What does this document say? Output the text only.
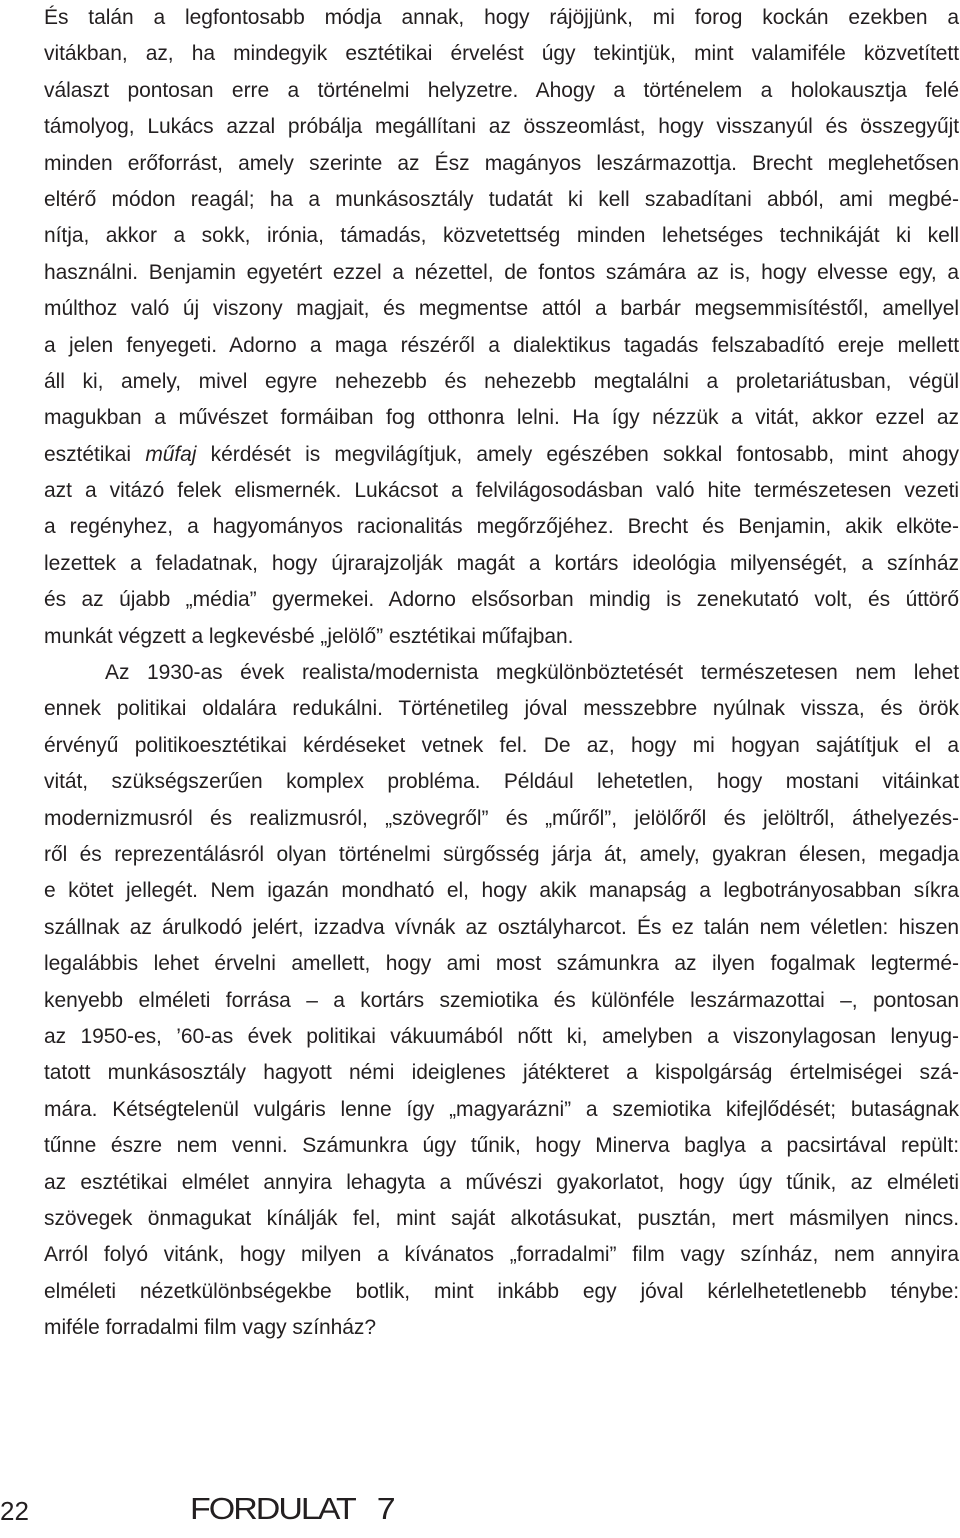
És talán a legfontosabb módja annak, hogy rájöjjünk, mi forog kockán ezekben a
vitákban, az, ha mindegyik esztétikai érvelést úgy tekintjük, mint valamiféle közvetített
választ pontosan erre a történelmi helyzetre. Ahogy a történelem a holokausztja felé
támolyog, Lukács azzal próbálja megállítani az összeomlást, hogy visszanyúl és összegyűjt
minden erőforrást, amely szerinte az Ész magányos leszármazottja. Brecht meglehetősen
eltérő módon reagál; ha a munkásosztály tudatát ki kell szabadítani abból, ami megbé-
nítja, akkor a sokk, irónia, támadás, közvetettség minden lehetséges technikáját ki kell
használni. Benjamin egyetért ezzel a nézettel, de fontos számára az is, hogy elvesse egy, a
múlthoz való új viszony magjait, és megmentse attól a barbár megsemmisítéstől, amellyel
a jelen fenyegeti. Adorno a maga részéről a dialektikus tagadás felszabadító ereje mellett
áll ki, amely, mivel egyre nehezebb és nehezebb megtalálni a proletariátusban, végül
magukban a művészet formáiban fog otthonra lelni. Ha így nézzük a vitát, akkor ezzel az
esztétikai műfaj kérdését is megvilágítjuk, amely egészében sokkal fontosabb, mint ahogy
azt a vitázó felek elismernék. Lukácsot a felvilágosodásban való hite természetesen vezeti
a regényhez, a hagyományos racionalitás megőrzőjéhez. Brecht és Benjamin, akik elköte-
lezettek a feladatnak, hogy újrarajzolják magát a kortárs ideológia milyenségét, a színház
és az újabb „média” gyermekei. Adorno elsősorban mindig is zenekutató volt, és úttörő
munkát végzett a legkevésbé „jelölő” esztétikai műfajban.
Az 1930-as évek realista/modernista megkülönböztetését természetesen nem lehet
ennek politikai oldalára redukálni. Történetileg jóval messzebbre nyúlnak vissza, és örök
érvényű politikoesztétikai kérdéseket vetnek fel. De az, hogy mi hogyan sajátítjuk el a
vitát, szükségszerűen komplex probléma. Például lehetetlen, hogy mostani vitáinkat
modernizmusról és realizmusról, „szövegről” és „műről”, jelölőről és jelöltről, áthelyezés-
ről és reprezentálásról olyan történelmi sürgősség járja át, amely, gyakran élesen, megadja
e kötet jellegét. Nem igazán mondható el, hogy akik manapság a legbotrányosabban síkra
szállnak az árulkodó jelért, izzadva vívnák az osztályharcot. És ez talán nem véletlen: hiszen
legalábbis lehet érvelni amellett, hogy ami most számunkra az ilyen fogalmak legtermé-
kenyebb elméleti forrása – a kortárs szemiotika és különféle leszármazottai –, pontosan
az 1950-es, ’60-as évek politikai vákuumából nőtt ki, amelyben a viszonylagosan lenyug-
tatott munkásosztály hagyott némi ideiglenes játékteret a kispolgárság értelmiségei szá-
mára. Kétségtelenül vulgáris lenne így „magyarázni” a szemiotika kifejlődését; butaságnak
tűnne észre nem venni. Számunkra úgy tűnik, hogy Minerva baglya a pacsirtával repült:
az esztétikai elmélet annyira lehagyta a művészi gyakorlatot, hogy úgy tűnik, az elméleti
szövegek önmagukat kínálják fel, mint saját alkotásukat, pusztán, mert másmilyen nincs.
Arról folyó vitánk, hogy milyen a kívánatos „forradalmi” film vagy színház, nem annyira
elméleti nézetkülönbségekbe botlik, mint inkább egy jóval kérlelhetetlenebb ténybe:
miféle forradalmi film vagy színház?
22	FORDULAT 7
